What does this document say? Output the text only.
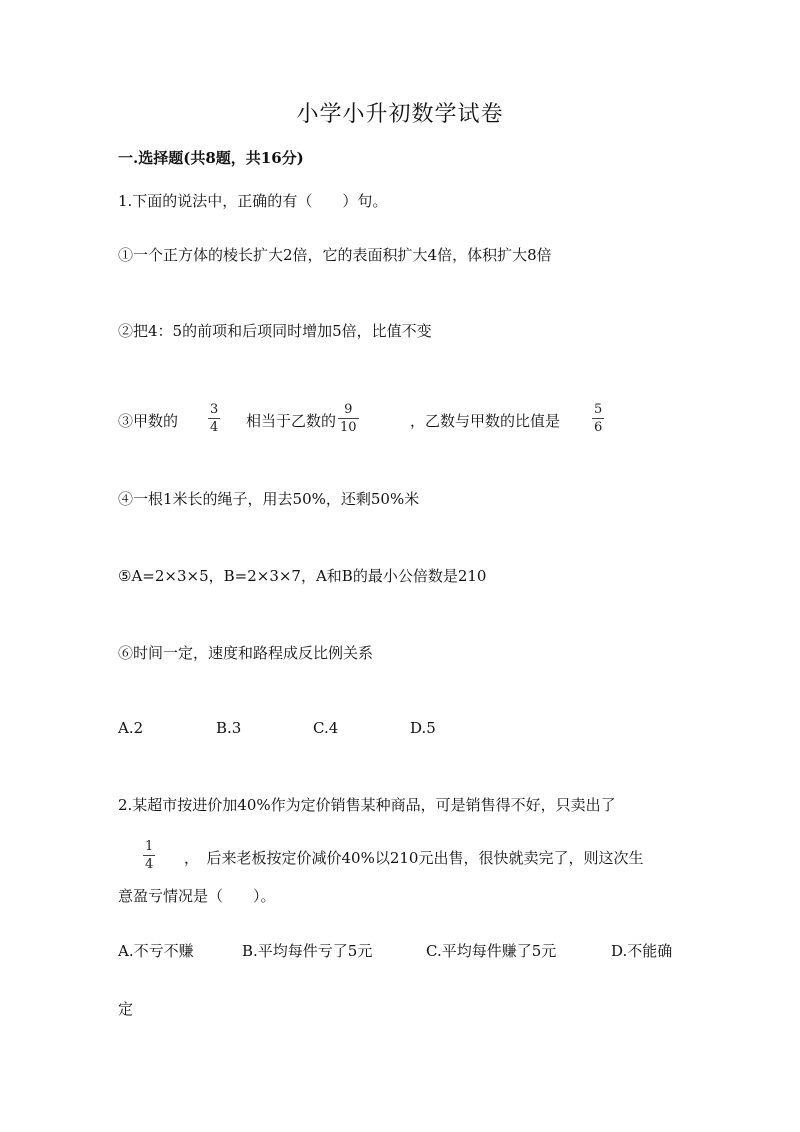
小学小升初数学试卷
一.选择题(共8题，共16分)
1.下面的说法中，正确的有（　　）句。
①一个正方体的棱长扩大2倍，它的表面积扩大4倍，体积扩大8倍
②把4：5的前项和后项同时增加5倍，比值不变
③甲数的
3
4 相当于乙数的
9
10	，乙数与甲数的比值是
5
6
④一根1米长的绳子，用去50%，还剩50%米
⑤A=2×3×5，B=2×3×7，A和B的最小公倍数是210
⑥时间一定，速度和路程成反比例关系
A.2	B.3	C.4	D.5
2.某超市按进价加40%作为定价销售某种商品，可是销售得不好，只卖出了
1
4 ，　后来老板按定价减价40%以210元出售，很快就卖完了，则这次生
意盈亏情况是（　　）。
A.不亏不赚	B.平均每件亏了5元	C.平均每件赚了5元	D.不能确
定
